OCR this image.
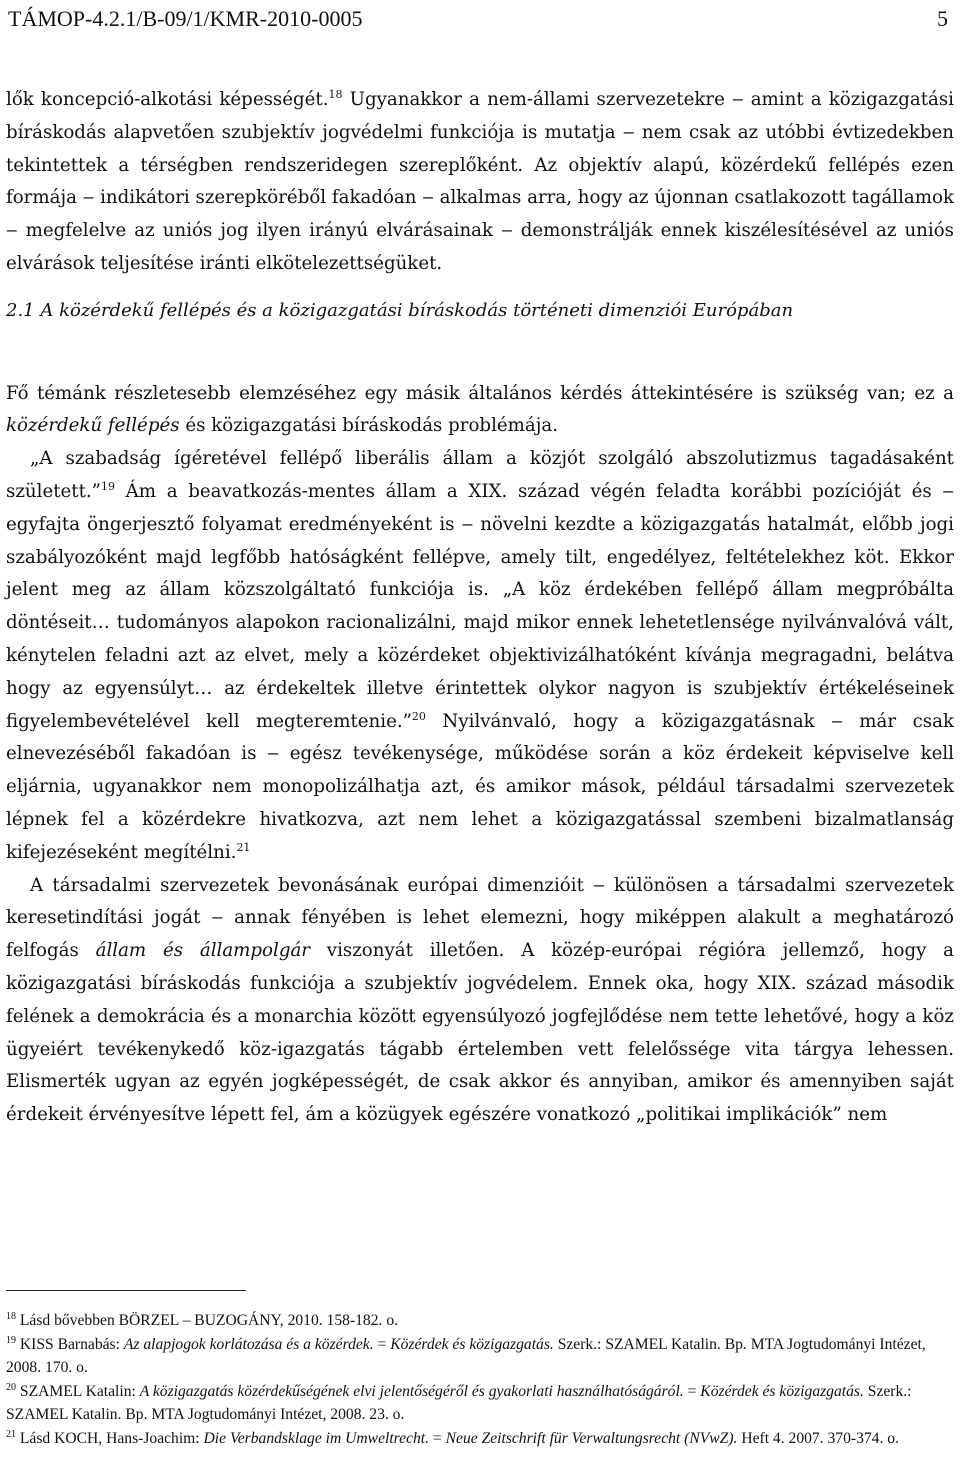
TÁMOP-4.2.1/B-09/1/KMR-2010-0005	5

lők koncepció-alkotási képességét.$^{18}$ Ugyanakkor a nem-állami szervezetekre ‒ amint a közigazgatási bíráskodás alapvetően szubjektív jogvédelmi funkciója is mutatja ‒ nem csak az utóbbi évtizedekben tekintettek a térségben rendszeridegen szereplőként. Az objektív alapú, közérdekű fellépés ezen formája ‒ indikátori szerepköréből fakadóan ‒ alkalmas arra, hogy az újonnan csatlakozott tagállamok ‒ megfelelve az uniós jog ilyen irányú elvárásainak ‒ demonstrálják ennek kiszélesítésével az uniós elvárások teljesítése iránti elkötelezettségüket.

2.1 A közérdekű fellépés és a közigazgatási bíráskodás történeti dimenziói Európában

Fő témánk részletesebb elemzéséhez egy másik általános kérdés áttekintésére is szükség van; ez a közérdekű fellépés és közigazgatási bíráskodás problémája.

„A szabadság ígéretével fellépő liberális állam a közjót szolgáló abszolutizmus tagadásaként született.”$^{19}$ Ám a beavatkozás-mentes állam a XIX. század végén feladta korábbi pozícióját és ‒ egyfajta öngerjesztő folyamat eredményeként is ‒ növelni kezdte a közigazgatás hatalmát, előbb jogi szabályozóként majd legfőbb hatóságként fellépve, amely tilt, engedélyez, feltételekhez köt. Ekkor jelent meg az állam közszolgáltató funkciója is. „A köz érdekében fellépő állam megpróbálta döntéseit… tudományos alapokon racionalizálni, majd mikor ennek lehetetlensége nyilvánvalóvá vált, kénytelen feladni azt az elvet, mely a közérdeket objektivizálhatóként kívánja megragadni, belátva hogy az egyensúlyt… az érdekeltek illetve érintettek olykor nagyon is szubjektív értékeléseinek figyelembevételével kell megteremtenie.”$^{20}$ Nyilvánvaló, hogy a közigazgatásnak ‒ már csak elnevezéséből fakadóan is ‒ egész tevékenysége, működése során a köz érdekeit képviselve kell eljárnia, ugyanakkor nem monopolizálhatja azt, és amikor mások, például társadalmi szervezetek lépnek fel a közérdekre hivatkozva, azt nem lehet a közigazgatással szembeni bizalmatlanság kifejezéseként megítélni.$^{21}$

A társadalmi szervezetek bevonásának európai dimenzióit ‒ különösen a társadalmi szervezetek keresetindítási jogát ‒ annak fényében is lehet elemezni, hogy miképpen alakult a meghatározó felfogás állam és állampolgár viszonyát illetően. A közép-európai régióra jellemző, hogy a közigazgatási bíráskodás funkciója a szubjektív jogvédelem. Ennek oka, hogy XIX. század második felének a demokrácia és a monarchia között egyensúlyozó jogfejlődése nem tette lehetővé, hogy a köz ügyeiért tevékenykedő köz-igazgatás tágabb értelemben vett felelőssége vita tárgya lehessen. Elismerték ugyan az egyén jogképességét, de csak akkor és annyiban, amikor és amennyiben saját érdekeit érvényesítve lépett fel, ám a közügyek egészére vonatkozó „politikai implikációk” nem

$^{18}$ Lásd bővebben BÖRZEL ‒ BUZOGÁNY, 2010. 158-182. o.

$^{19}$ KISS Barnabás: Az alapjogok korlátozása és a közérdek. = Közérdek és közigazgatás. Szerk.: SZAMEL Katalin. Bp. MTA Jogtudományi Intézet, 2008. 170. o.

$^{20}$ SZAMEL Katalin: A közigazgatás közérdekűségének elvi jelentőségéről és gyakorlati használhatóságáról. = Közérdek és közigazgatás. Szerk.: SZAMEL Katalin. Bp. MTA Jogtudományi Intézet, 2008. 23. o.

$^{21}$ Lásd KOCH, Hans-Joachim: Die Verbandsklage im Umweltrecht. = Neue Zeitschrift für Verwaltungsrecht (NVwZ). Heft 4. 2007. 370-374. o.
